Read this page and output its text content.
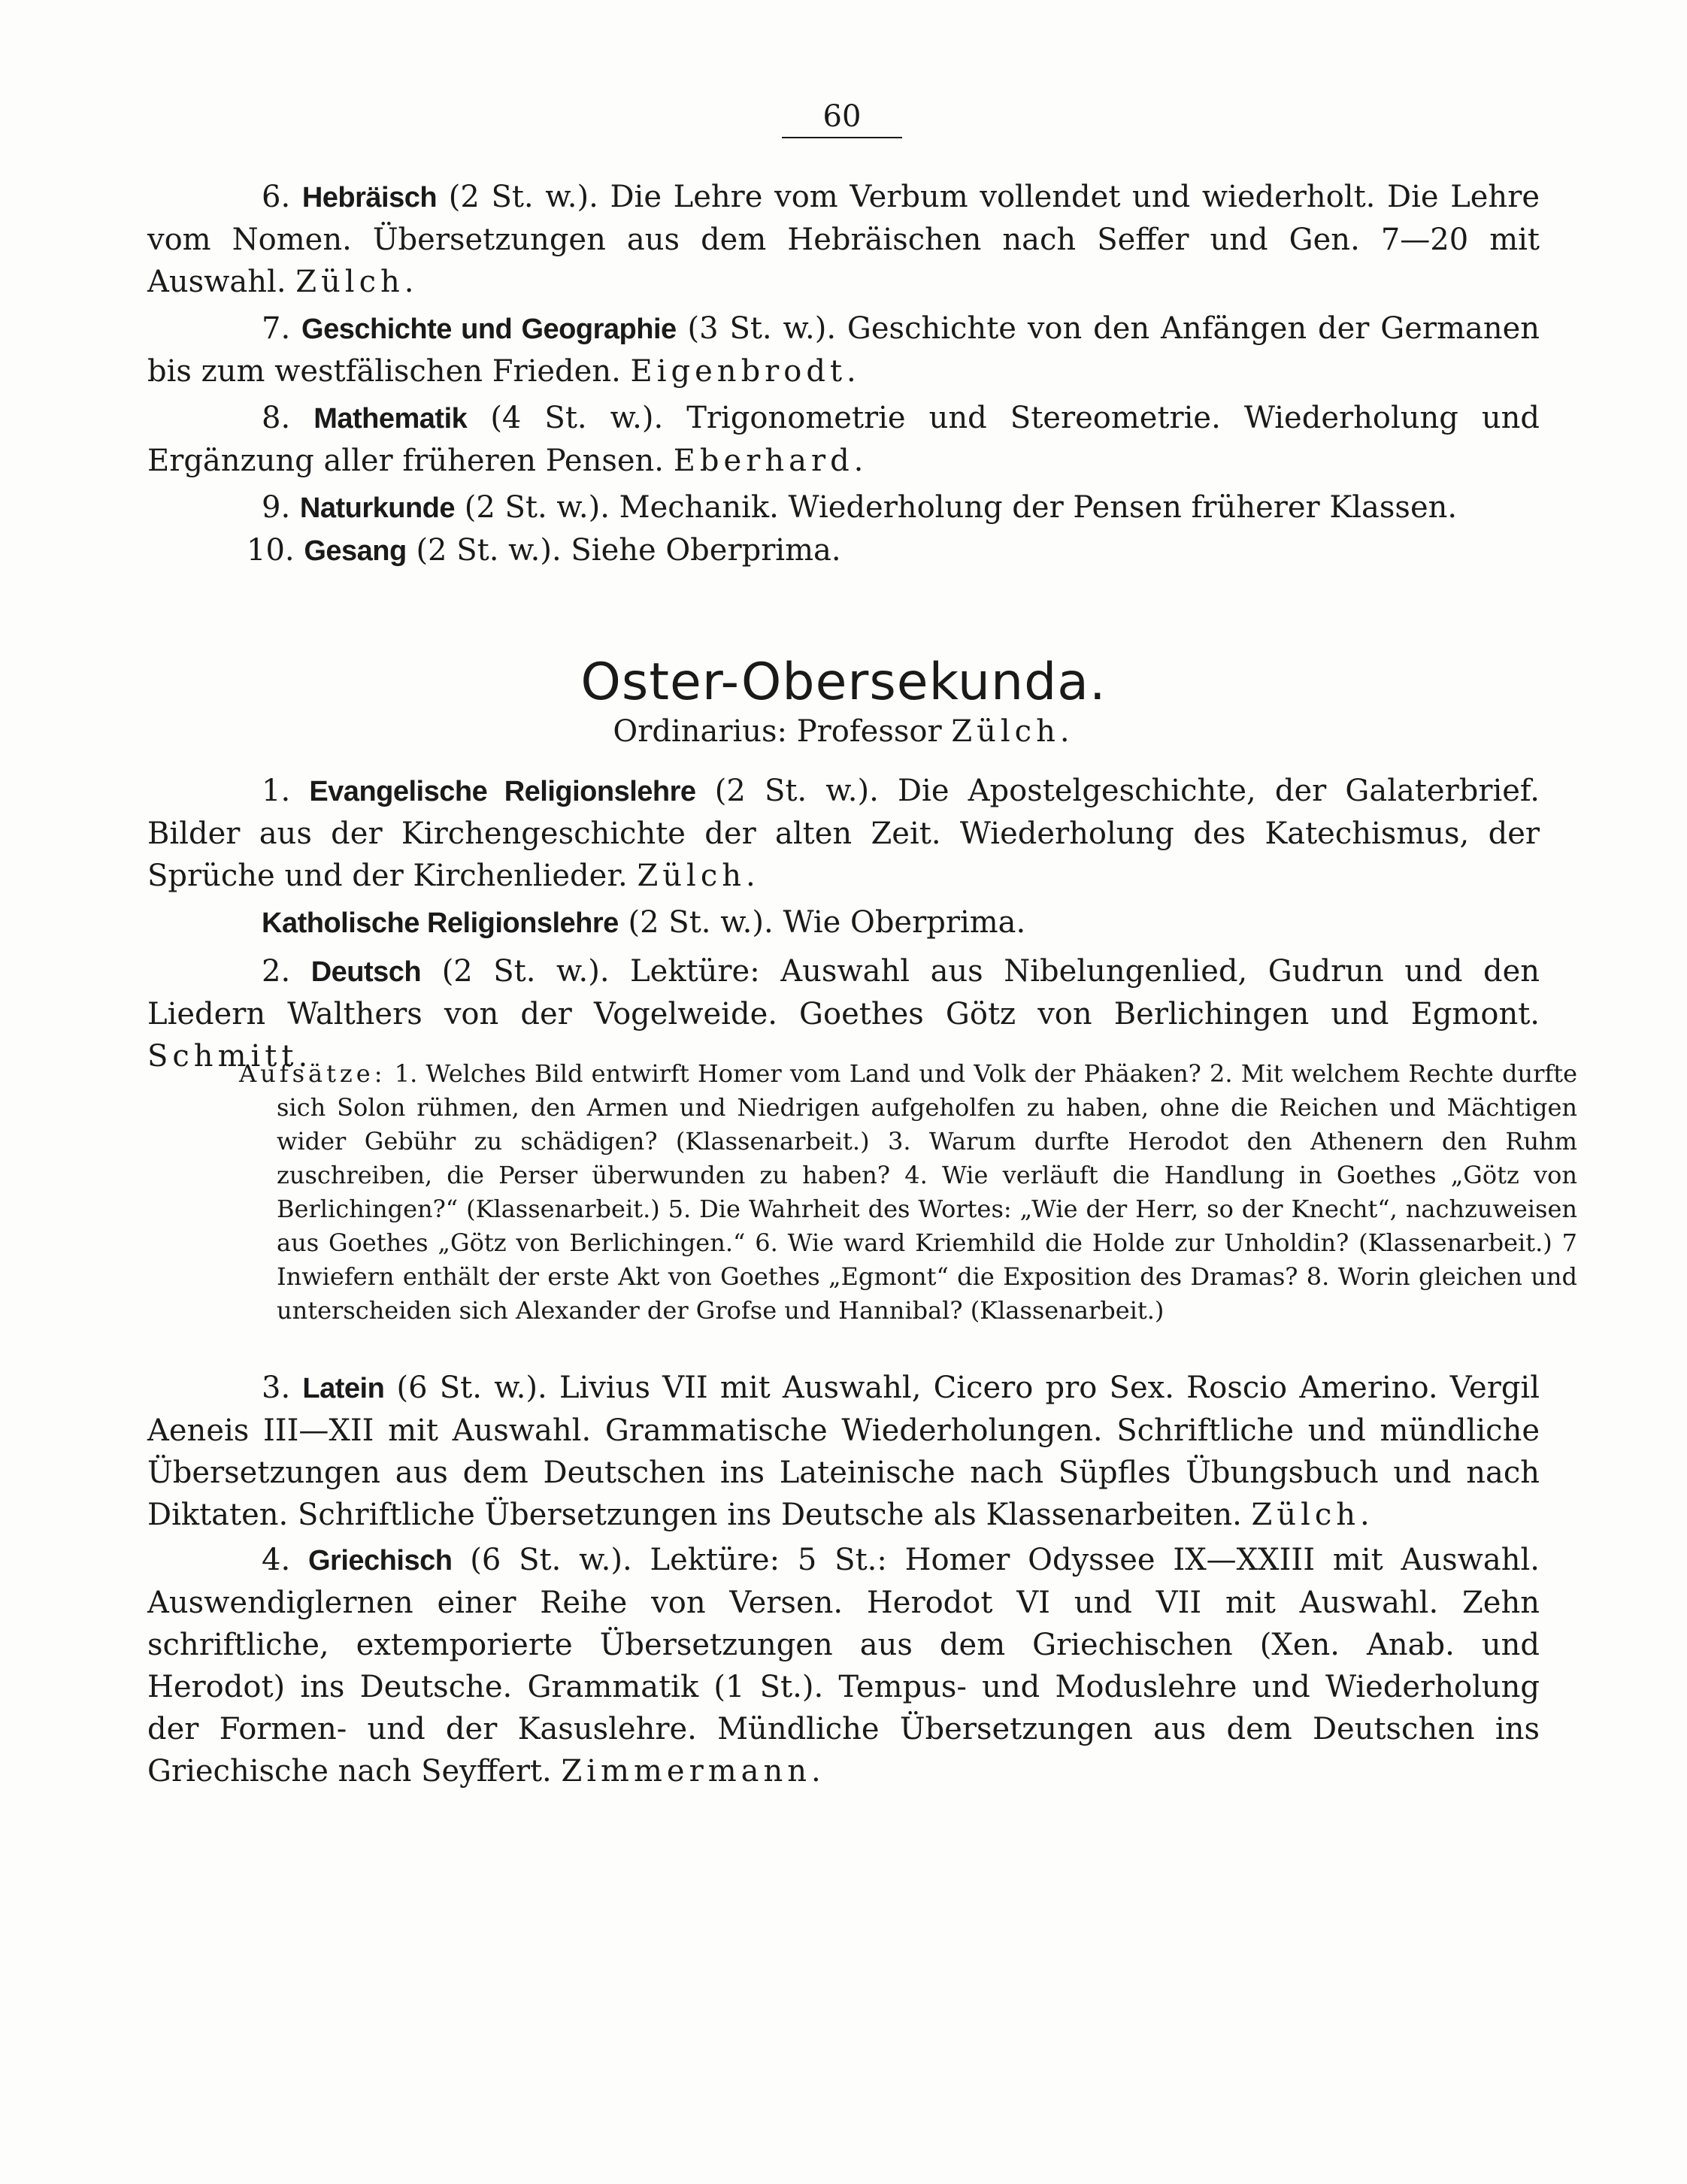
60

6. Hebräisch (2 St. w.). Die Lehre vom Verbum vollendet und wiederholt. Die Lehre vom Nomen. Übersetzungen aus dem Hebräischen nach Seffer und Gen. 7—20 mit Auswahl. Zülch.

7. Geschichte und Geographie (3 St. w.). Geschichte von den Anfängen der Germanen bis zum westfälischen Frieden. Eigenbrodt.

8. Mathematik (4 St. w.). Trigonometrie und Stereometrie. Wiederholung und Ergänzung aller früheren Pensen. Eberhard.

9. Naturkunde (2 St. w.). Mechanik. Wiederholung der Pensen früherer Klassen.

10. Gesang (2 St. w.). Siehe Oberprima.

Oster-Obersekunda.
Ordinarius: Professor Zülch.

1. Evangelische Religionslehre (2 St. w.). Die Apostelgeschichte, der Galaterbrief. Bilder aus der Kirchengeschichte der alten Zeit. Wiederholung des Katechismus, der Sprüche und der Kirchenlieder. Zülch.

Katholische Religionslehre (2 St. w.). Wie Oberprima.

2. Deutsch (2 St. w.). Lektüre: Auswahl aus Nibelungenlied, Gudrun und den Liedern Walthers von der Vogelweide. Goethes Götz von Berlichingen und Egmont. Schmitt.

Aufsätze: 1. Welches Bild entwirft Homer vom Land und Volk der Phäaken? 2. Mit welchem Rechte durfte sich Solon rühmen, den Armen und Niedrigen aufgeholfen zu haben, ohne die Reichen und Mächtigen wider Gebühr zu schädigen? (Klassenarbeit.) 3. Warum durfte Herodot den Athenern den Ruhm zuschreiben, die Perser überwunden zu haben? 4. Wie verläuft die Handlung in Goethes „Götz von Berlichingen?“ (Klassenarbeit.) 5. Die Wahrheit des Wortes: „Wie der Herr, so der Knecht“, nachzuweisen aus Goethes „Götz von Berlichingen.“ 6. Wie ward Kriemhild die Holde zur Unholdin? (Klassenarbeit.) 7 Inwiefern enthält der erste Akt von Goethes „Egmont“ die Exposition des Dramas? 8. Worin gleichen und unterscheiden sich Alexander der Grofse und Hannibal? (Klassenarbeit.)

3. Latein (6 St. w.). Livius VII mit Auswahl, Cicero pro Sex. Roscio Amerino. Vergil Aeneis III—XII mit Auswahl. Grammatische Wiederholungen. Schriftliche und mündliche Übersetzungen aus dem Deutschen ins Lateinische nach Süpfles Übungsbuch und nach Diktaten. Schriftliche Übersetzungen ins Deutsche als Klassenarbeiten. Zülch.

4. Griechisch (6 St. w.). Lektüre: 5 St.: Homer Odyssee IX—XXIII mit Auswahl. Auswendiglernen einer Reihe von Versen. Herodot VI und VII mit Auswahl. Zehn schriftliche, extemporierte Übersetzungen aus dem Griechischen (Xen. Anab. und Herodot) ins Deutsche. Grammatik (1 St.). Tempus- und Moduslehre und Wiederholung der Formen- und der Kasuslehre. Mündliche Übersetzungen aus dem Deutschen ins Griechische nach Seyffert. Zimmermann.
